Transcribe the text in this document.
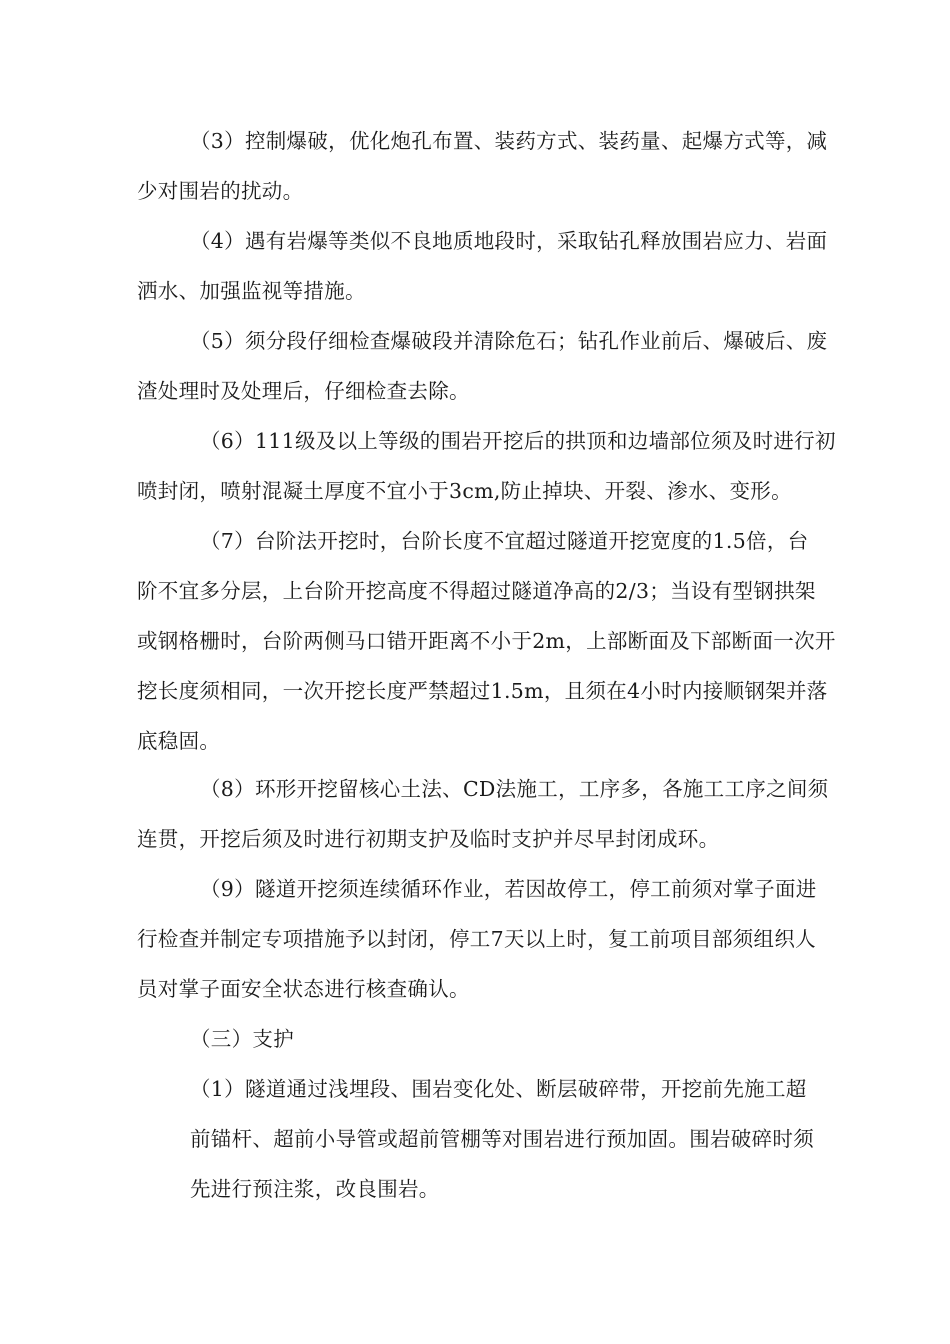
（3）控制爆破，优化炮孔布置、装药方式、装药量、起爆方式等，减
少对围岩的扰动。
（4）遇有岩爆等类似不良地质地段时，采取钻孔释放围岩应力、岩面
洒水、加强监视等措施。
（5）须分段仔细检查爆破段并清除危石；钻孔作业前后、爆破后、废
渣处理时及处理后，仔细检查去除。
（6）111级及以上等级的围岩开挖后的拱顶和边墙部位须及时进行初
喷封闭，喷射混凝土厚度不宜小于3cm,防止掉块、开裂、渗水、变形。
（7）台阶法开挖时，台阶长度不宜超过隧道开挖宽度的1.5倍，台
阶不宜多分层，上台阶开挖高度不得超过隧道净高的2/3；当设有型钢拱架
或钢格栅时，台阶两侧马口错开距离不小于2m，上部断面及下部断面一次开
挖长度须相同，一次开挖长度严禁超过1.5m，且须在4小时内接顺钢架并落
底稳固。
（8）环形开挖留核心土法、CD法施工，工序多，各施工工序之间须
连贯，开挖后须及时进行初期支护及临时支护并尽早封闭成环。
（9）隧道开挖须连续循环作业，若因故停工，停工前须对掌子面进
行检查并制定专项措施予以封闭，停工7天以上时，复工前项目部须组织人
员对掌子面安全状态进行核查确认。
（三）支护
（1）隧道通过浅埋段、围岩变化处、断层破碎带，开挖前先施工超
前锚杆、超前小导管或超前管棚等对围岩进行预加固。围岩破碎时须
先进行预注浆，改良围岩。
